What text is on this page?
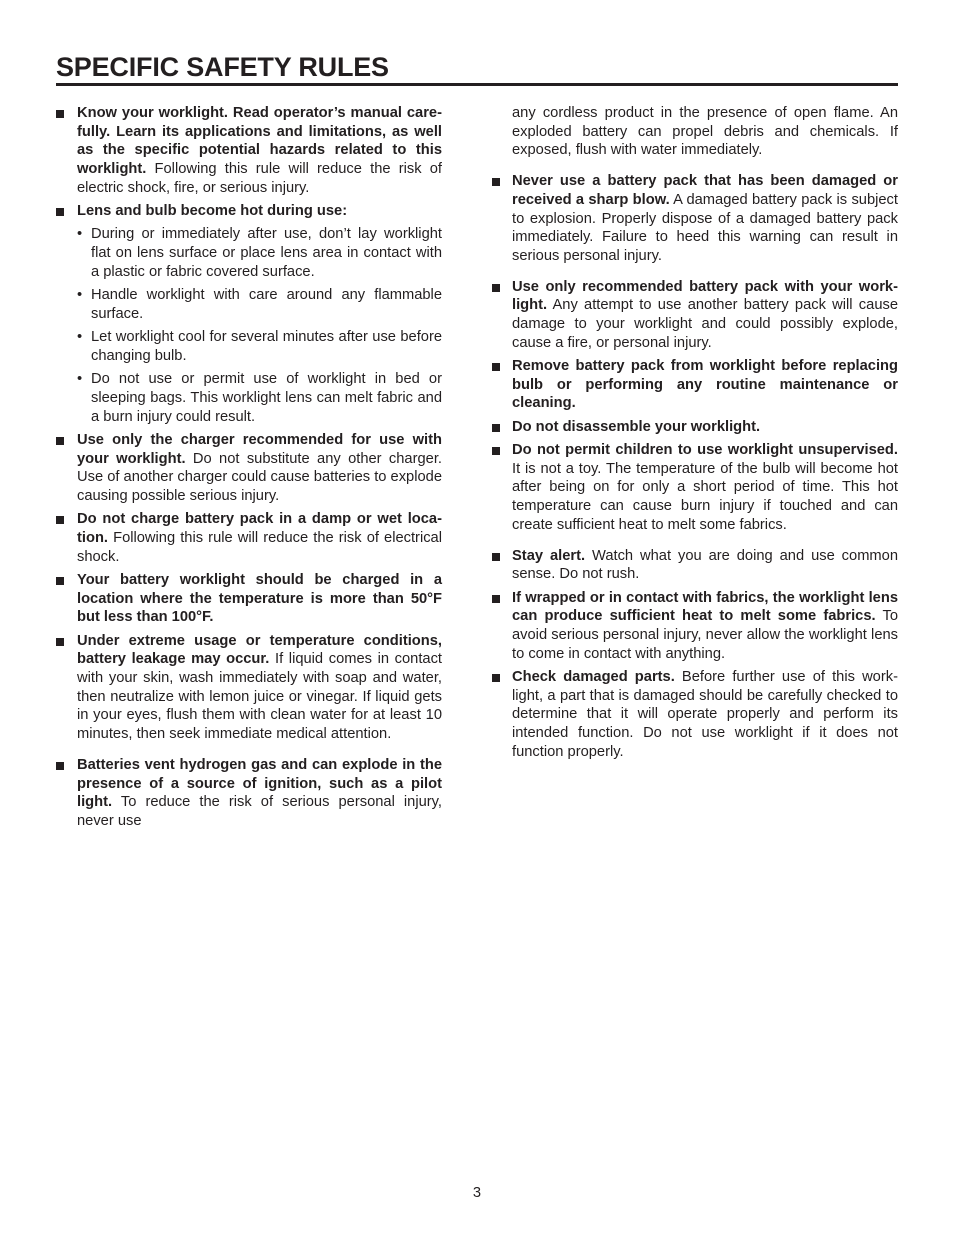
SPECIFIC SAFETY RULES
Know your worklight. Read operator’s manual carefully. Learn its applications and limitations, as well as the specific potential hazards related to this worklight. Following this rule will reduce the risk of electric shock, fire, or serious injury.
Lens and bulb become hot during use:
• During or immediately after use, don’t lay worklight flat on lens surface or place lens area in contact with a plastic or fabric covered surface.
• Handle worklight with care around any flammable surface.
• Let worklight cool for several minutes after use before changing bulb.
• Do not use or permit use of worklight in bed or sleeping bags. This worklight lens can melt fabric and a burn injury could result.
Use only the charger recommended for use with your worklight. Do not substitute any other charger. Use of another charger could cause batteries to explode causing possible serious injury.
Do not charge battery pack in a damp or wet location. Following this rule will reduce the risk of electrical shock.
Your battery worklight should be charged in a location where the temperature is more than 50°F but less than 100°F.
Under extreme usage or temperature conditions, battery leakage may occur. If liquid comes in contact with your skin, wash immediately with soap and water, then neutralize with lemon juice or vinegar. If liquid gets in your eyes, flush them with clean water for at least 10 minutes, then seek immediate medical attention.
Batteries vent hydrogen gas and can explode in the presence of a source of ignition, such as a pilot light. To reduce the risk of serious personal injury, never use
any cordless product in the presence of open flame. An exploded battery can propel debris and chemicals. If exposed, flush with water immediately.
Never use a battery pack that has been damaged or received a sharp blow. A damaged battery pack is subject to explosion. Properly dispose of a damaged battery pack immediately. Failure to heed this warning can result in serious personal injury.
Use only recommended battery pack with your worklight. Any attempt to use another battery pack will cause damage to your worklight and could possibly explode, cause a fire, or personal injury.
Remove battery pack from worklight before replacing bulb or performing any routine maintenance or cleaning.
Do not disassemble your worklight.
Do not permit children to use worklight unsupervised. It is not a toy. The temperature of the bulb will become hot after being on for only a short period of time. This hot temperature can cause burn injury if touched and can create sufficient heat to melt some fabrics.
Stay alert. Watch what you are doing and use common sense. Do not rush.
If wrapped or in contact with fabrics, the worklight lens can produce sufficient heat to melt some fabrics. To avoid serious personal injury, never allow the worklight lens to come in contact with anything.
Check damaged parts. Before further use of this worklight, a part that is damaged should be carefully checked to determine that it will operate properly and perform its intended function. Do not use worklight if it does not function properly.
3
